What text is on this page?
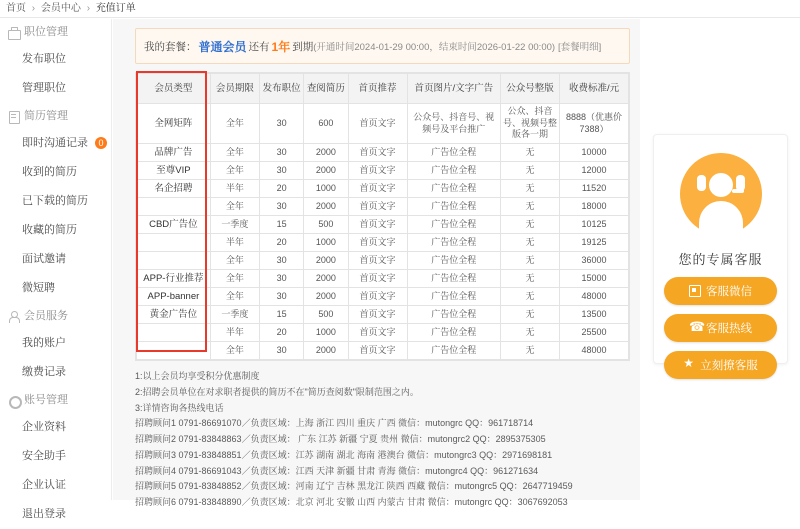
首页 › 会员中心 › 充值订单
职位管理
发布职位
管理职位
简历管理
即时沟通记录 0
收到的简历
已下载的简历
收藏的简历
面试邀请
微短聘
会员服务
我的账户
缴费记录
账号管理
企业资料
安全助手
企业认证
退出登录
我的套餐： 普通会员 还有 1年 到期 (开通时间2024-01-29 00:00，结束时间2026-01-22 00:00) [套餐明细]
会员类型	会员期限	发布职位	查阅简历	首页推荐	首页图片/文字广告	公众号整版	收费标准/元
全网矩阵	全年	30	600	首页文字	公众号、抖音号、视频号及平台推广	公众、抖音号、视频号整版各一期	8888（优惠价7388）
品牌广告	全年	30	2000	首页文字	广告位全程	无	10000
至尊VIP	全年	30	2000	首页文字	广告位全程	无	12000
名企招聘	半年	20	1000	首页文字	广告位全程	无	11520
	全年	30	2000	首页文字	广告位全程	无	18000
CBD广告位	一季度	15	500	首页文字	广告位全程	无	10125
	半年	20	1000	首页文字	广告位全程	无	19125
	全年	30	2000	首页文字	广告位全程	无	36000
APP-行业推荐	全年	30	2000	首页文字	广告位全程	无	15000
APP-banner	全年	30	2000	首页文字	广告位全程	无	48000
黄金广告位	一季度	15	500	首页文字	广告位全程	无	13500
	半年	20	1000	首页文字	广告位全程	无	25500
	全年	30	2000	首页文字	广告位全程	无	48000
1:以上会员均享受积分优惠制度
2:招聘会员单位在对求职者提供的简历不在"简历查阅数"限制范围之内。
3:详情咨询各热线电话
招聘顾问1 0791-86691070／负责区域：上海 浙江 四川 重庆 广西 微信：mutongrc QQ：961718714
招聘顾问2 0791-83848863／负责区域： 广东 江苏 新疆 宁夏 贵州 微信：mutongrc2 QQ：2895375305
招聘顾问3 0791-83848851／负责区域：江苏 湖南 湖北 海南 港澳台 微信：mutongrc3 QQ：2971698181
招聘顾问4 0791-86691043／负责区域：江西 天津 新疆 甘肃 青海 微信：mutongrc4 QQ：961271634
招聘顾问5 0791-83848852／负责区域：河南 辽宁 吉林 黑龙江 陕西 西藏 微信：mutongrc5 QQ：2647719459
招聘顾问6 0791-83848890／负责区域：北京 河北 安徽 山西 内蒙古 甘肃 微信：mutongrc QQ：3067692053
您的专属客服
客服微信
☎
客服热线
★
立刻撩客服
